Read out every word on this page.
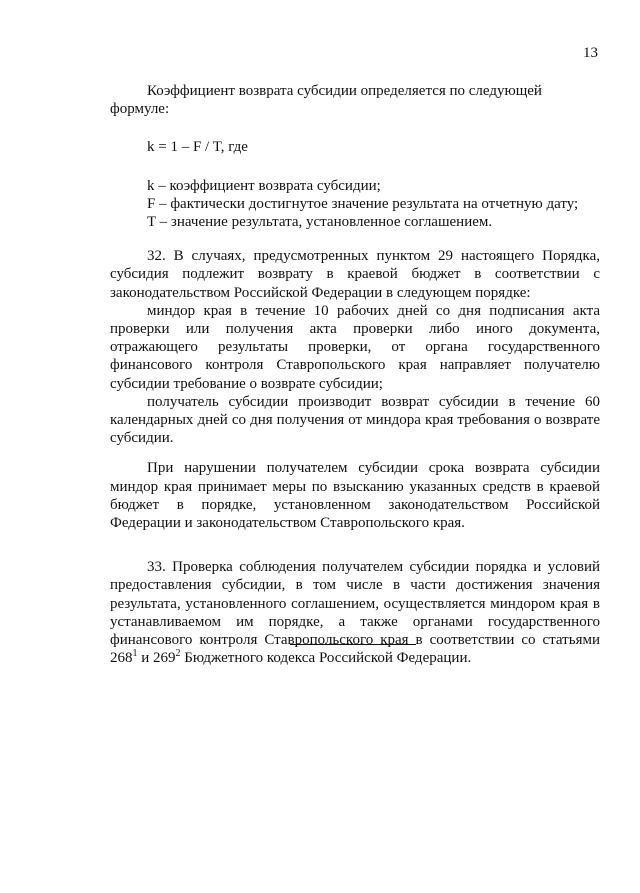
13

Коэффициент возврата субсидии определяется по следующей формуле:

k = 1 – F / T, где

k – коэффициент возврата субсидии;

F – фактически достигнутое значение результата на отчетную дату;

T – значение результата, установленное соглашением.

32. В случаях, предусмотренных пунктом 29 настоящего Порядка, субсидия подлежит возврату в краевой бюджет в соответствии с законодательством Российской Федерации в следующем порядке:

миндор края в течение 10 рабочих дней со дня подписания акта проверки или получения акта проверки либо иного документа, отражающего результаты проверки, от органа государственного финансового контроля Ставропольского края направляет получателю субсидии требование о возврате субсидии;

получатель субсидии производит возврат субсидии в течение 60 календарных дней со дня получения от миндора края требования о возврате субсидии.

При нарушении получателем субсидии срока возврата субсидии миндор края принимает меры по взысканию указанных средств в краевой бюджет в порядке, установленном законодательством Российской Федерации и законодательством Ставропольского края.

33. Проверка соблюдения получателем субсидии порядка и условий предоставления субсидии, в том числе в части достижения значения результата, установленного соглашением, осуществляется миндором края в устанавливаемом им порядке, а также органами государственного финансового контроля Ставропольского края в соответствии со статьями $268^1$ и $269^2$ Бюджетного кодекса Российской Федерации.
